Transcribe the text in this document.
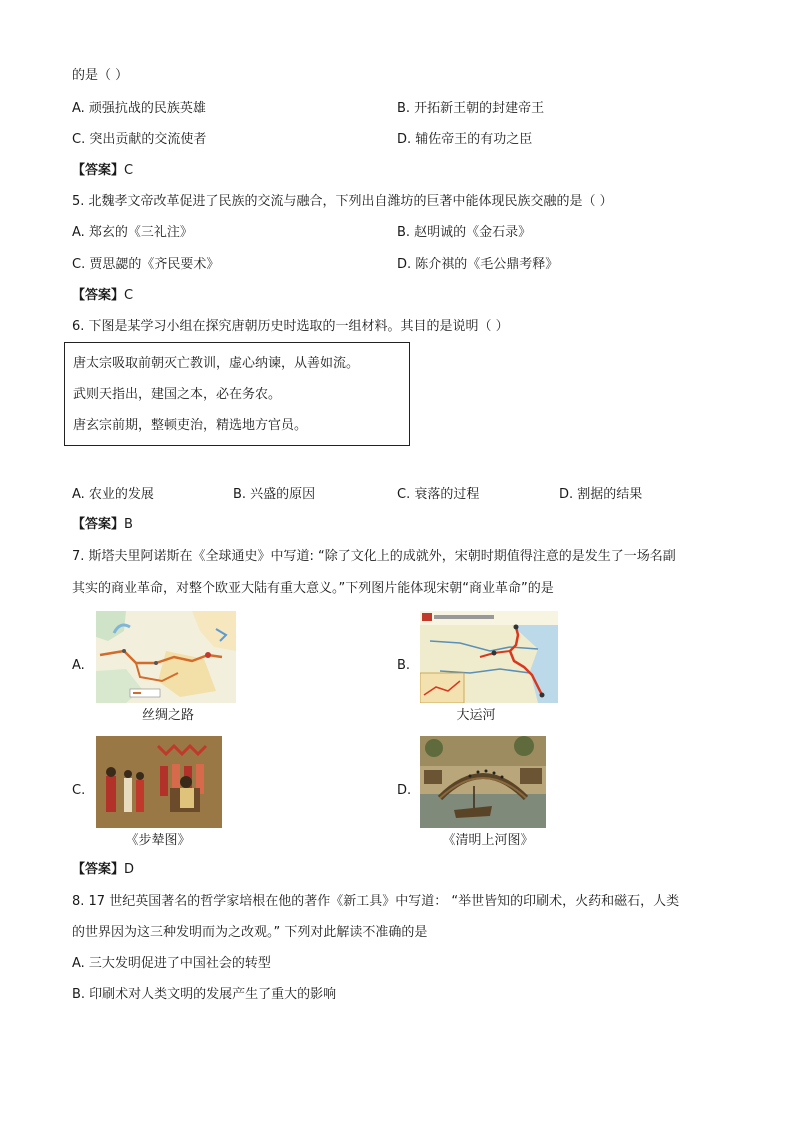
的是（ ）
A. 顽强抗战的民族英雄	B. 开拓新王朝的封建帝王
C. 突出贡献的交流使者	D. 辅佐帝王的有功之臣
【答案】C
5. 北魏孝文帝改革促进了民族的交流与融合，下列出自潍坊的巨著中能体现民族交融的是（ ）
A. 郑玄的《三礼注》	B. 赵明诚的《金石录》
C. 贾思勰的《齐民要术》	D. 陈介祺的《毛公鼎考释》
【答案】C
6. 下图是某学习小组在探究唐朝历史时选取的一组材料。其目的是说明（ ）

唐太宗吸取前朝灭亡教训，虚心纳谏，从善如流。

武则天指出，建国之本，必在务农。

唐玄宗前期，整顿吏治，精选地方官员。

A. 农业的发展	B. 兴盛的原因	C. 衰落的过程	D. 割据的结果
【答案】B
7. 斯塔夫里阿诺斯在《全球通史》中写道: “除了文化上的成就外，宋朝时期值得注意的是发生了一场名副
其实的商业革命，对整个欧亚大陆有重大意义。”下列图片能体现宋朝“商业革命”的是
A.
丝绸之路
B.
大运河
C.
《步辇图》
D.
《清明上河图》
【答案】D
8. 17 世纪英国著名的哲学家培根在他的著作《新工具》中写道： “举世皆知的印刷术，火药和磁石，人类
的世界因为这三种发明而为之改观。” 下列对此解读不准确的是
A. 三大发明促进了中国社会的转型
B. 印刷术对人类文明的发展产生了重大的影响
